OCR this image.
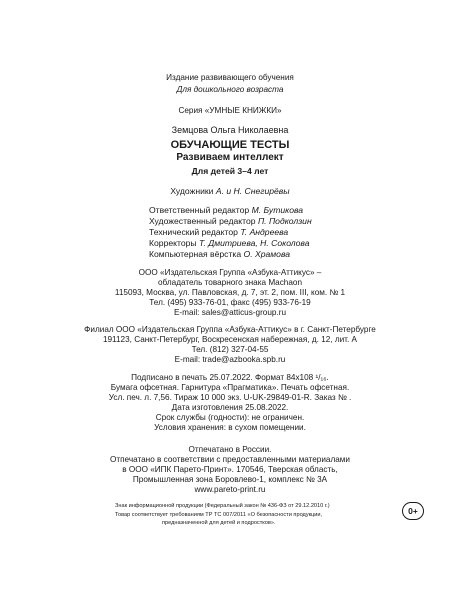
Издание развивающего обучения
Для дошкольного возраста
Серия «УМНЫЕ КНИЖКИ»
Земцова Ольга Николаевна
ОБУЧАЮЩИЕ ТЕСТЫ
Развиваем интеллект
Для детей 3–4 лет
Художники А. и Н. Снегирёвы
Ответственный редактор М. Бутикова
Художественный редактор П. Подколзин
Технический редактор Т. Андреева
Корректоры Т. Дмитриева, Н. Соколова
Компьютерная вёрстка О. Храмова
ООО «Издательская Группа «Азбука-Аттикус» –
обладатель товарного знака Machaon
115093, Москва, ул. Павловская, д. 7, эт. 2, пом. III, ком. № 1
Тел. (495) 933-76-01, факс (495) 933-76-19
E-mail: sales@atticus-group.ru
Филиал ООО «Издательская Группа «Азбука-Аттикус» в г. Санкт-Петербурге
191123, Санкт-Петербург, Воскресенская набережная, д. 12, лит. А
Тел. (812) 327-04-55
E-mail: trade@azbooka.spb.ru
Подписано в печать 25.07.2022. Формат 84x108 ¹/₁₆.
Бумага офсетная. Гарнитура «Прагматика». Печать офсетная.
Усл. печ. л. 7,56. Тираж 10 000 экз. U-UK-29849-01-R. Заказ № .
Дата изготовления 25.08.2022.
Срок службы (годности): не ограничен.
Условия хранения: в сухом помещении.
Отпечатано в России.
Отпечатано в соответствии с предоставленными материалами
в ООО «ИПК Парето-Принт». 170546, Тверская область,
Промышленная зона Боровлево-1, комплекс № 3А
www.pareto-print.ru
Знак информационной продукции (Федеральный закон № 436-ФЗ от 29.12.2010 г.)
Товар соответствует требованиям ТР ТС 007/2011 «О безопасности продукции,
предназначенной для детей и подростков».
0+
